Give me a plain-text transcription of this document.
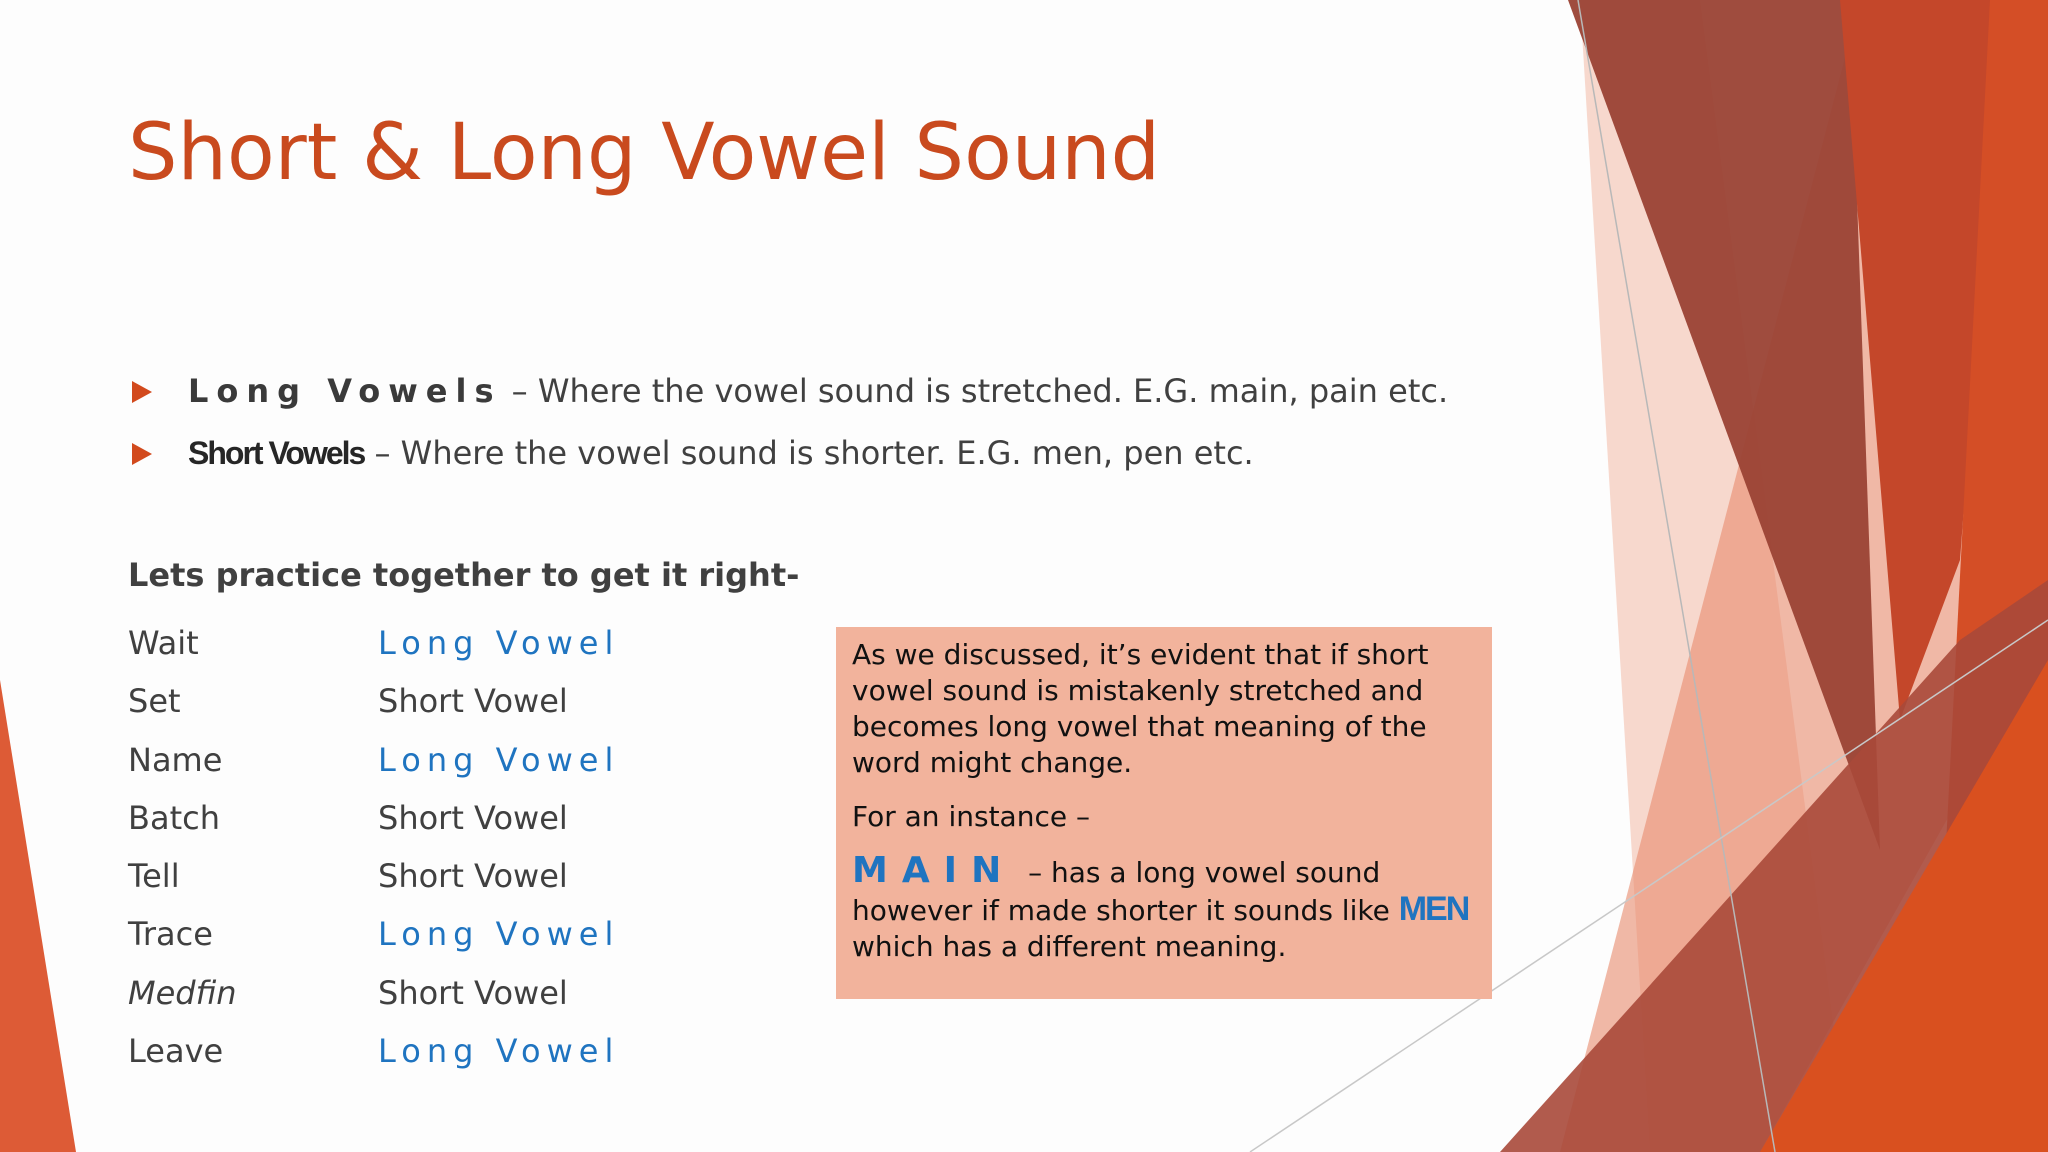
Short & Long Vowel Sound
Long Vowels – Where the vowel sound is stretched. E.G. main, pain etc.
Short Vowels – Where the vowel sound is shorter. E.G. men, pen etc.

Lets practice together to get it right-

Wait	Long Vowel
Set	Short Vowel
Name	Long Vowel
Batch	Short Vowel
Tell	Short Vowel
Trace	Long Vowel
Medfin	Short Vowel
Leave	Long Vowel

As we discussed, it’s evident that if short vowel sound is mistakenly stretched and becomes long vowel that meaning of the word might change.

For an instance –

MAIN – has a long vowel sound however if made shorter it sounds like MEN which has a different meaning.
